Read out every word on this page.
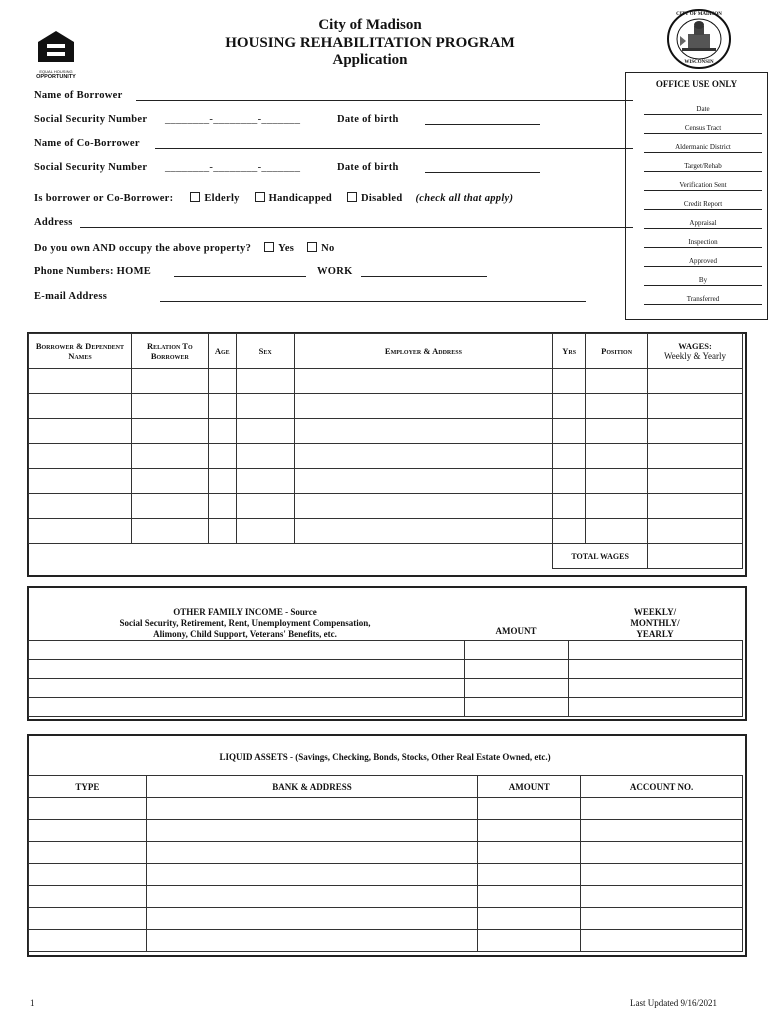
EQUAL HOUSING
OPPORTUNITY
City of Madison
HOUSING REHABILITATION PROGRAM
Application
CITY OF MADISON
WISCONSIN
OFFICE USE ONLY
Date
Census Tract
Aldermanic District
Target/Rehab
Verification Sent
Credit Report
Appraisal
Inspection
Approved
By
Transferred
Name of Borrower
Social Security Number ________-________-_______	Date of birth
Name of Co-Borrower
Social Security Number ________-________-_______	Date of birth
Is borrower or Co-Borrower:	Elderly	Handicapped	Disabled (check all that apply)
Address
Do you own AND occupy the above property?	Yes	No
Phone Numbers: HOME	WORK
E-mail Address
Borrower & Dependent Names	Relation To Borrower	Age	Sex	Employer & Address	Yrs	Position	WAGES:
Weekly & Yearly

					TOTAL WAGES		
OTHER FAMILY INCOME - Source
Social Security, Retirement, Rent, Unemployment Compensation,
Alimony, Child Support, Veterans' Benefits, etc.	AMOUNT
WEEKLY/
MONTHLY/
YEARLY

LIQUID ASSETS - (Savings, Checking, Bonds, Stocks, Other Real Estate Owned, etc.)
TYPE	BANK & ADDRESS	AMOUNT	ACCOUNT NO.

1	Last Updated 9/16/2021
